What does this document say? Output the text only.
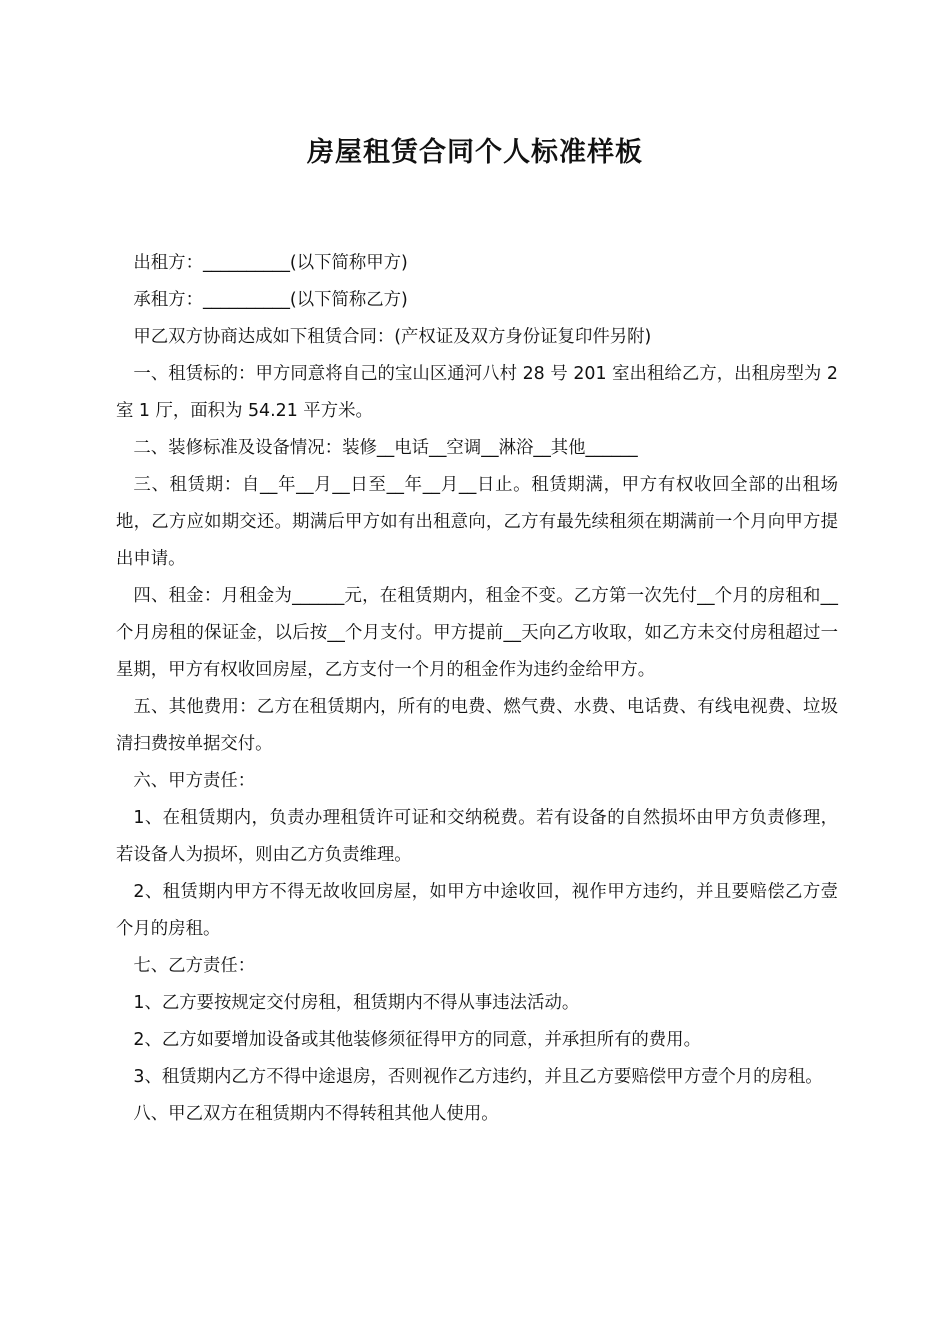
房屋租赁合同个人标准样板

出租方：__________(以下简称甲方)

承租方：__________(以下简称乙方)

甲乙双方协商达成如下租赁合同：(产权证及双方身份证复印件另附)

一、租赁标的：甲方同意将自己的宝山区通河八村 28 号 201 室出租给乙方，出租房型为 2 室 1 厅，面积为 54.21 平方米。

二、装修标准及设备情况：装修__电话__空调__淋浴__其他______

三、租赁期：自__年__月__日至__年__月__日止。租赁期满，甲方有权收回全部的出租场地，乙方应如期交还。期满后甲方如有出租意向，乙方有最先续租须在期满前一个月向甲方提出申请。

四、租金：月租金为______元，在租赁期内，租金不变。乙方第一次先付__个月的房租和__个月房租的保证金，以后按__个月支付。甲方提前__天向乙方收取，如乙方未交付房租超过一星期，甲方有权收回房屋，乙方支付一个月的租金作为违约金给甲方。

五、其他费用：乙方在租赁期内，所有的电费、燃气费、水费、电话费、有线电视费、垃圾清扫费按单据交付。

六、甲方责任：

1、在租赁期内，负责办理租赁许可证和交纳税费。若有设备的自然损坏由甲方负责修理，若设备人为损坏，则由乙方负责维理。

2、租赁期内甲方不得无故收回房屋，如甲方中途收回，视作甲方违约，并且要赔偿乙方壹个月的房租。

七、乙方责任：

1、乙方要按规定交付房租，租赁期内不得从事违法活动。

2、乙方如要增加设备或其他装修须征得甲方的同意，并承担所有的费用。

3、租赁期内乙方不得中途退房，否则视作乙方违约，并且乙方要赔偿甲方壹个月的房租。

八、甲乙双方在租赁期内不得转租其他人使用。
